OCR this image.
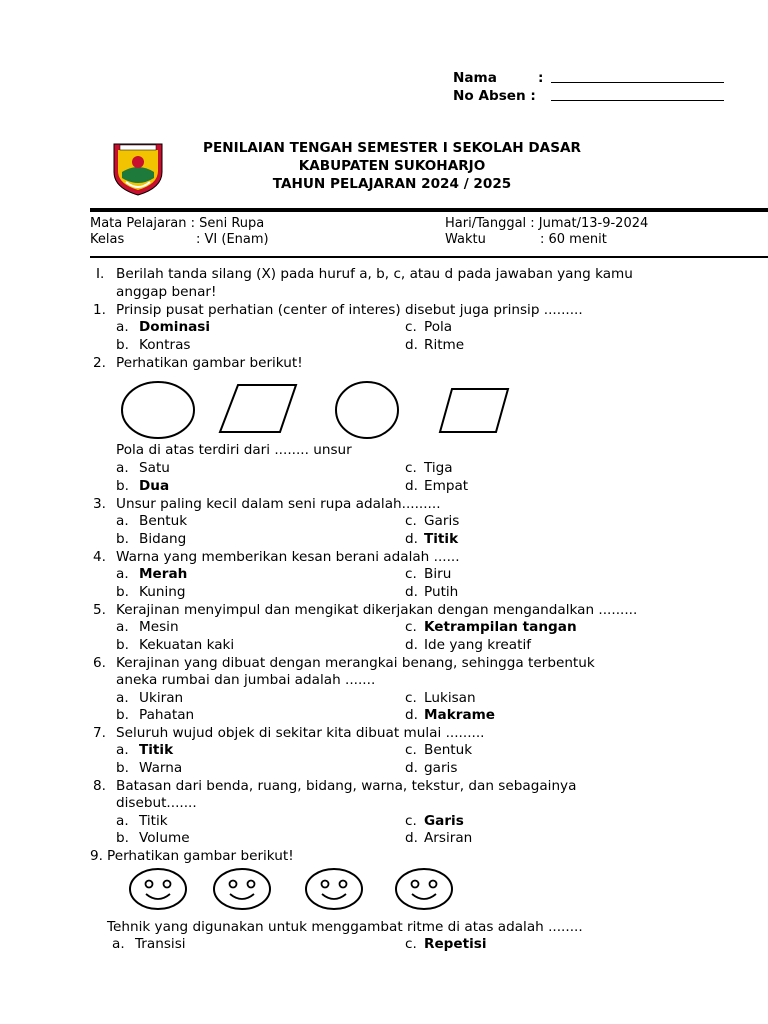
Nama	:
No Absen :
PENILAIAN TENGAH SEMESTER I SEKOLAH DASAR
KABUPATEN SUKOHARJO
TAHUN PELAJARAN 2024 / 2025
Mata Pelajaran : Seni Rupa
Kelas	: VI (Enam)
Hari/Tanggal : Jumat/13-9-2024
Waktu	: 60 menit
I. Berilah tanda silang (X) pada huruf a, b, c, atau d pada jawaban yang kamu
anggap benar!
1. Prinsip pusat perhatian (center of interes) disebut juga prinsip .........
a. Dominasi	c. Pola
b. Kontras	d. Ritme
2. Perhatikan gambar berikut!
Pola di atas terdiri dari ........ unsur
a. Satu	c. Tiga
b. Dua	d. Empat
3. Unsur paling kecil dalam seni rupa adalah.........
a. Bentuk	c. Garis
b. Bidang	d. Titik
4. Warna yang memberikan kesan berani adalah ......
a. Merah	c. Biru
b. Kuning	d. Putih
5. Kerajinan menyimpul dan mengikat dikerjakan dengan mengandalkan .........
a. Mesin	c. Ketrampilan tangan
b. Kekuatan kaki	d. Ide yang kreatif
6. Kerajinan yang dibuat dengan merangkai benang, sehingga terbentuk
aneka rumbai dan jumbai adalah .......
a. Ukiran	c. Lukisan
b. Pahatan	d. Makrame
7. Seluruh wujud objek di sekitar kita dibuat mulai .........
a. Titik	c. Bentuk
b. Warna	d. garis
8. Batasan dari benda, ruang, bidang, warna, tekstur, dan sebagainya
disebut.......
a. Titik	c. Garis
b. Volume	d. Arsiran
9. Perhatikan gambar berikut!
Tehnik yang digunakan untuk menggambat ritme di atas adalah ........
a. Transisi	c. Repetisi
